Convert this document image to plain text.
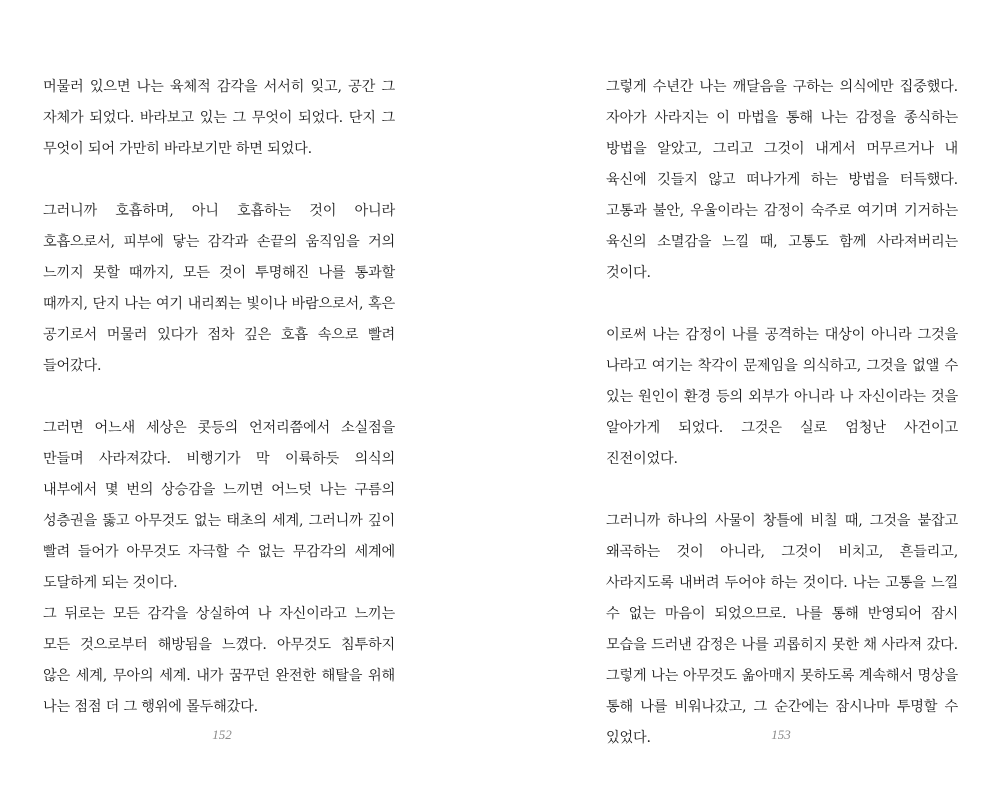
머물러 있으면 나는 육체적 감각을 서서히 잊고, 공간 그 자체가 되었다. 바라보고 있는 그 무엇이 되었다. 단지 그 무엇이 되어 가만히 바라보기만 하면 되었다.

그러니까 호흡하며, 아니 호흡하는 것이 아니라 호흡으로서, 피부에 닿는 감각과 손끝의 움직임을 거의 느끼지 못할 때까지, 모든 것이 투명해진 나를 통과할 때까지, 단지 나는 여기 내리쬐는 빛이나 바람으로서, 혹은 공기로서 머물러 있다가 점차 깊은 호흡 속으로 빨려 들어갔다.

그러면 어느새 세상은 콧등의 언저리쯤에서 소실점을 만들며 사라져갔다. 비행기가 막 이륙하듯 의식의 내부에서 몇 번의 상승감을 느끼면 어느덧 나는 구름의 성층권을 뚫고 아무것도 없는 태초의 세계, 그러니까 깊이 빨려 들어가 아무것도 자극할 수 없는 무감각의 세계에 도달하게 되는 것이다.

그 뒤로는 모든 감각을 상실하여 나 자신이라고 느끼는 모든 것으로부터 해방됨을 느꼈다. 아무것도 침투하지 않은 세계, 무아의 세계. 내가 꿈꾸던 완전한 해탈을 위해 나는 점점 더 그 행위에 몰두해갔다.

그렇게 수년간 나는 깨달음을 구하는 의식에만 집중했다. 자아가 사라지는 이 마법을 통해 나는 감정을 종식하는 방법을 알았고, 그리고 그것이 내게서 머무르거나 내 육신에 깃들지 않고 떠나가게 하는 방법을 터득했다. 고통과 불안, 우울이라는 감정이 숙주로 여기며 기거하는 육신의 소멸감을 느낄 때, 고통도 함께 사라져버리는 것이다.

이로써 나는 감정이 나를 공격하는 대상이 아니라 그것을 나라고 여기는 착각이 문제임을 의식하고, 그것을 없앨 수 있는 원인이 환경 등의 외부가 아니라 나 자신이라는 것을 알아가게 되었다. 그것은 실로 엄청난 사건이고 진전이었다.

그러니까 하나의 사물이 창틀에 비칠 때, 그것을 붙잡고 왜곡하는 것이 아니라, 그것이 비치고, 흔들리고, 사라지도록 내버려 두어야 하는 것이다. 나는 고통을 느낄 수 없는 마음이 되었으므로. 나를 통해 반영되어 잠시 모습을 드러낸 감정은 나를 괴롭히지 못한 채 사라져 갔다. 그렇게 나는 아무것도 옮아매지 못하도록 계속해서 명상을 통해 나를 비워나갔고, 그 순간에는 잠시나마 투명할 수 있었다.

152	153
